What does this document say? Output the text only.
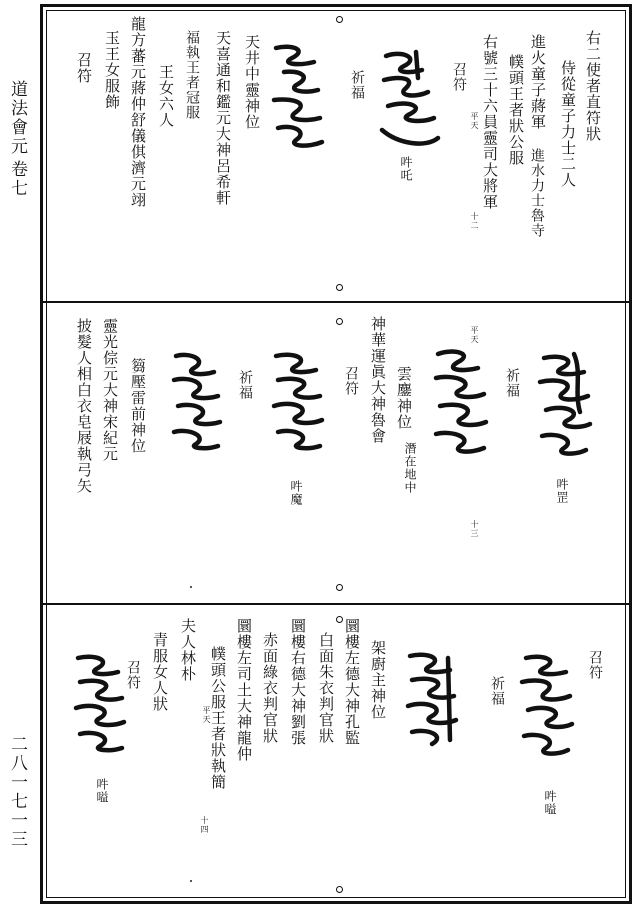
道法會元
卷七
二八一七一三
右二使者直符狀
侍從童子力士二人
進火童子蔣軍
進水力士魯寺
幞頭王者狀公服
右號三十六員靈司大將軍
平天
十二
召符
吽吒
祈福
天井中靈神位
天喜通和鑑元大神呂希軒
福執王者冠服
王女六人
龍方蕃元蔣仲舒儀倛濟元翊
玉王女服飾
召符
吽罡
祈福
平天
十三
雲鏖神位
潛在地中
神華運眞大神魯會
召符
吽魔
祈福
篘壓雷前神位
靈光倧元大神宋紀元
披髮人相白衣皂屐執弓矢
召符
吽嗌
祈福
架廚主神位
圜樓左德大神孔監
白面朱衣判官狀
圜樓右德大神劉張
赤面綠衣判官狀
圜樓左司土大神龍仲
幞頭公服王者狀執簡
平天
十四
夫人林朴
青服女人狀
召符
吽嗌
